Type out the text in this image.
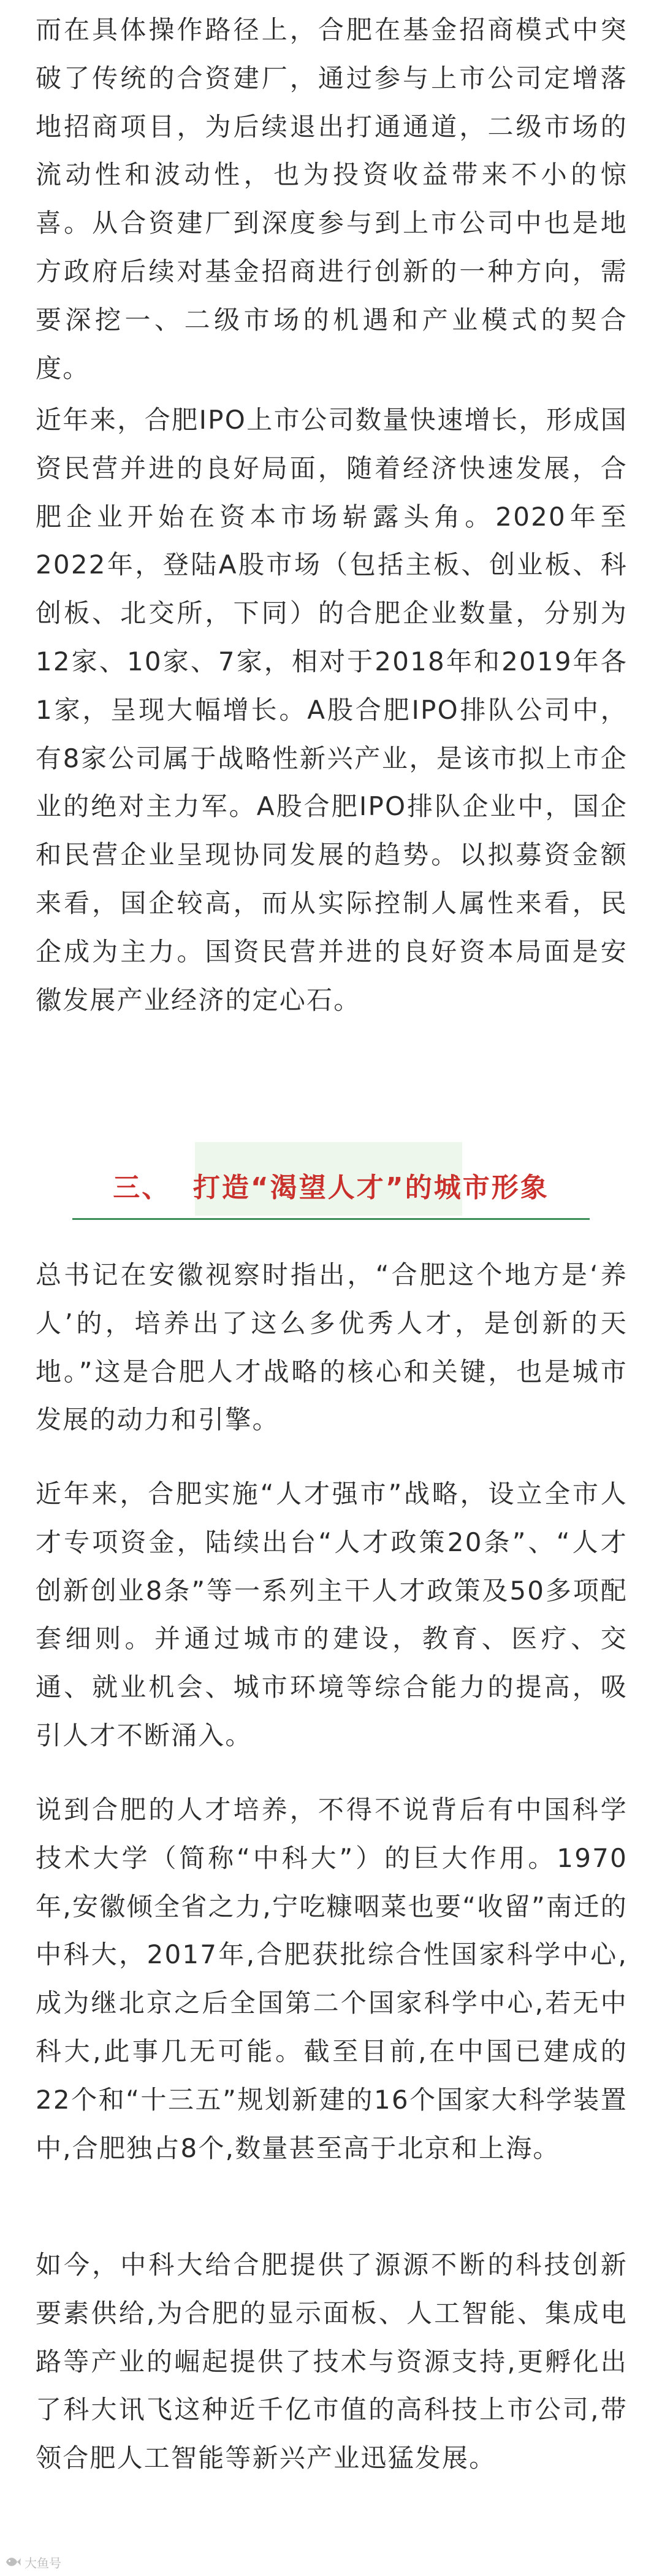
而在具体操作路径上，合肥在基金招商模式中突破了传统的合资建厂，通过参与上市公司定增落地招商项目，为后续退出打通通道，二级市场的流动性和波动性，也为投资收益带来不小的惊喜。从合资建厂到深度参与到上市公司中也是地方政府后续对基金招商进行创新的一种方向，需要深挖一、二级市场的机遇和产业模式的契合度。

近年来，合肥IPO上市公司数量快速增长，形成国资民营并进的良好局面，随着经济快速发展，合肥企业开始在资本市场崭露头角。2020年至2022年，登陆A股市场（包括主板、创业板、科创板、北交所，下同）的合肥企业数量，分别为12家、10家、7家，相对于2018年和2019年各1家，呈现大幅增长。A股合肥IPO排队公司中，有8家公司属于战略性新兴产业，是该市拟上市企业的绝对主力军。A股合肥IPO排队企业中，国企和民营企业呈现协同发展的趋势。以拟募资金额来看，国企较高，而从实际控制人属性来看，民企成为主力。国资民营并进的良好资本局面是安徽发展产业经济的定心石。

三、 打造“渴望人才”的城市形象

总书记在安徽视察时指出，“合肥这个地方是‘养人’的，培养出了这么多优秀人才，是创新的天地。”这是合肥人才战略的核心和关键，也是城市发展的动力和引擎。

近年来，合肥实施“人才强市”战略，设立全市人才专项资金，陆续出台“人才政策20条”、“人才创新创业8条”等一系列主干人才政策及50多项配套细则。并通过城市的建设，教育、医疗、交通、就业机会、城市环境等综合能力的提高，吸引人才不断涌入。

说到合肥的人才培养，不得不说背后有中国科学技术大学（简称“中科大”）的巨大作用。1970年,安徽倾全省之力,宁吃糠咽菜也要“收留”南迁的中科大，2017年,合肥获批综合性国家科学中心,成为继北京之后全国第二个国家科学中心,若无中科大,此事几无可能。截至目前,在中国已建成的22个和“十三五”规划新建的16个国家大科学装置中,合肥独占8个,数量甚至高于北京和上海。

如今，中科大给合肥提供了源源不断的科技创新要素供给,为合肥的显示面板、人工智能、集成电路等产业的崛起提供了技术与资源支持,更孵化出了科大讯飞这种近千亿市值的高科技上市公司,带领合肥人工智能等新兴产业迅猛发展。

大鱼号
